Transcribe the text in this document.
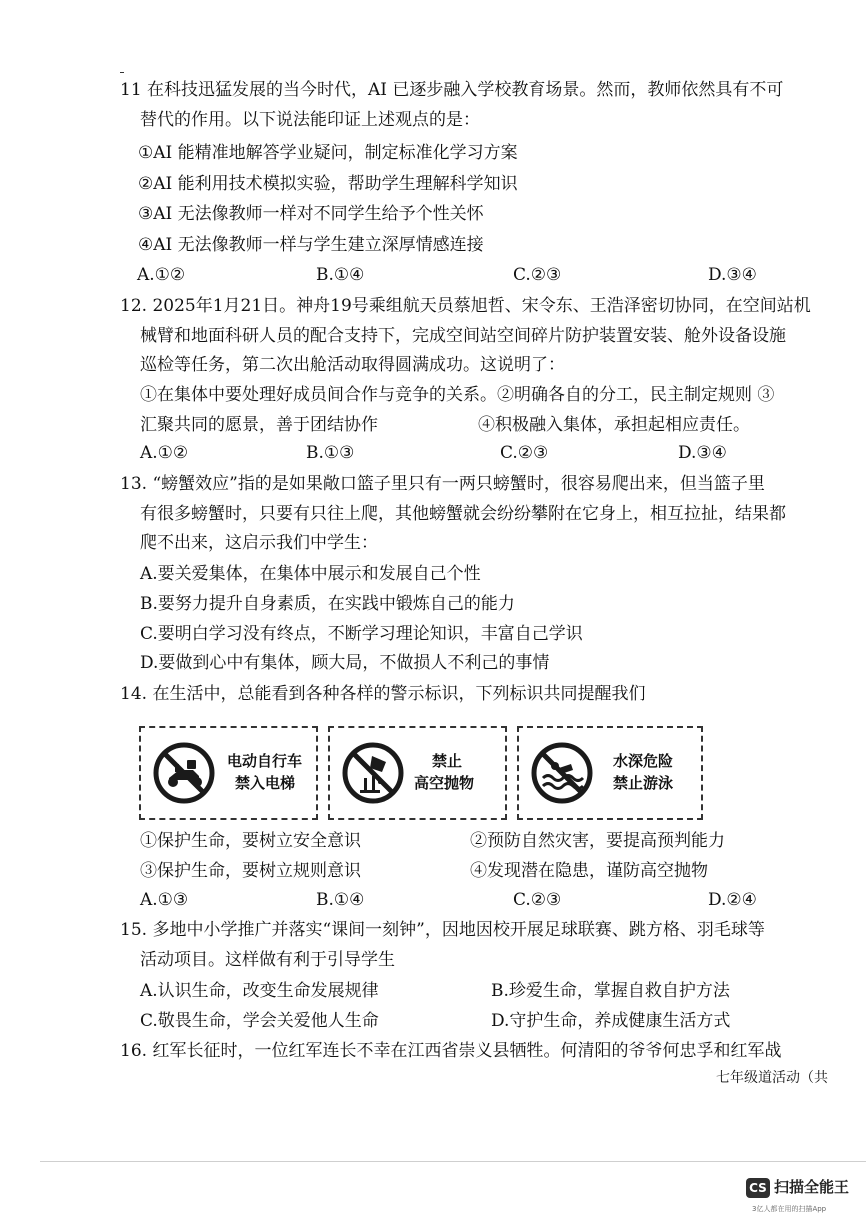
11 在科技迅猛发展的当今时代，AI 已逐步融入学校教育场景。然而，教师依然具有不可
替代的作用。以下说法能印证上述观点的是：
①AI 能精准地解答学业疑问，制定标准化学习方案
②AI 能利用技术模拟实验，帮助学生理解科学知识
③AI 无法像教师一样对不同学生给予个性关怀
④AI 无法像教师一样与学生建立深厚情感连接
A.①②	B.①④	C.②③	D.③④
12. 2025年1月21日。神舟19号乘组航天员蔡旭哲、宋令东、王浩泽密切协同，在空间站机
械臂和地面科研人员的配合支持下，完成空间站空间碎片防护装置安装、舱外设备设施
巡检等任务，第二次出舱活动取得圆满成功。这说明了：
①在集体中要处理好成员间合作与竞争的关系。②明确各自的分工，民主制定规则 ③
汇聚共同的愿景，善于团结协作	④积极融入集体，承担起相应责任。
A.①②	B.①③	C.②③	D.③④
13. “螃蟹效应”指的是如果敞口篮子里只有一两只螃蟹时，很容易爬出来，但当篮子里
有很多螃蟹时，只要有只往上爬，其他螃蟹就会纷纷攀附在它身上，相互拉扯，结果都
爬不出来，这启示我们中学生：
A.要关爱集体，在集体中展示和发展自己个性
B.要努力提升自身素质，在实践中锻炼自己的能力
C.要明白学习没有终点，不断学习理论知识，丰富自己学识
D.要做到心中有集体，顾大局，不做损人不利己的事情
14. 在生活中，总能看到各种各样的警示标识，下列标识共同提醒我们
电动自行车
禁入电梯
禁止
高空抛物
水深危险
禁止游泳
①保护生命，要树立安全意识	②预防自然灾害，要提高预判能力
③保护生命，要树立规则意识	④发现潜在隐患，谨防高空抛物
A.①③	B.①④	C.②③	D.②④
15. 多地中小学推广并落实“课间一刻钟”，因地因校开展足球联赛、跳方格、羽毛球等
活动项目。这样做有利于引导学生
A.认识生命，改变生命发展规律	B.珍爱生命，掌握自救自护方法
C.敬畏生命，学会关爱他人生命	D.守护生命，养成健康生活方式
16. 红军长征时，一位红军连长不幸在江西省崇义县牺牲。何清阳的爷爷何忠孚和红军战
七年级道活动（共
CS 扫描全能王
3亿人都在用的扫描App
